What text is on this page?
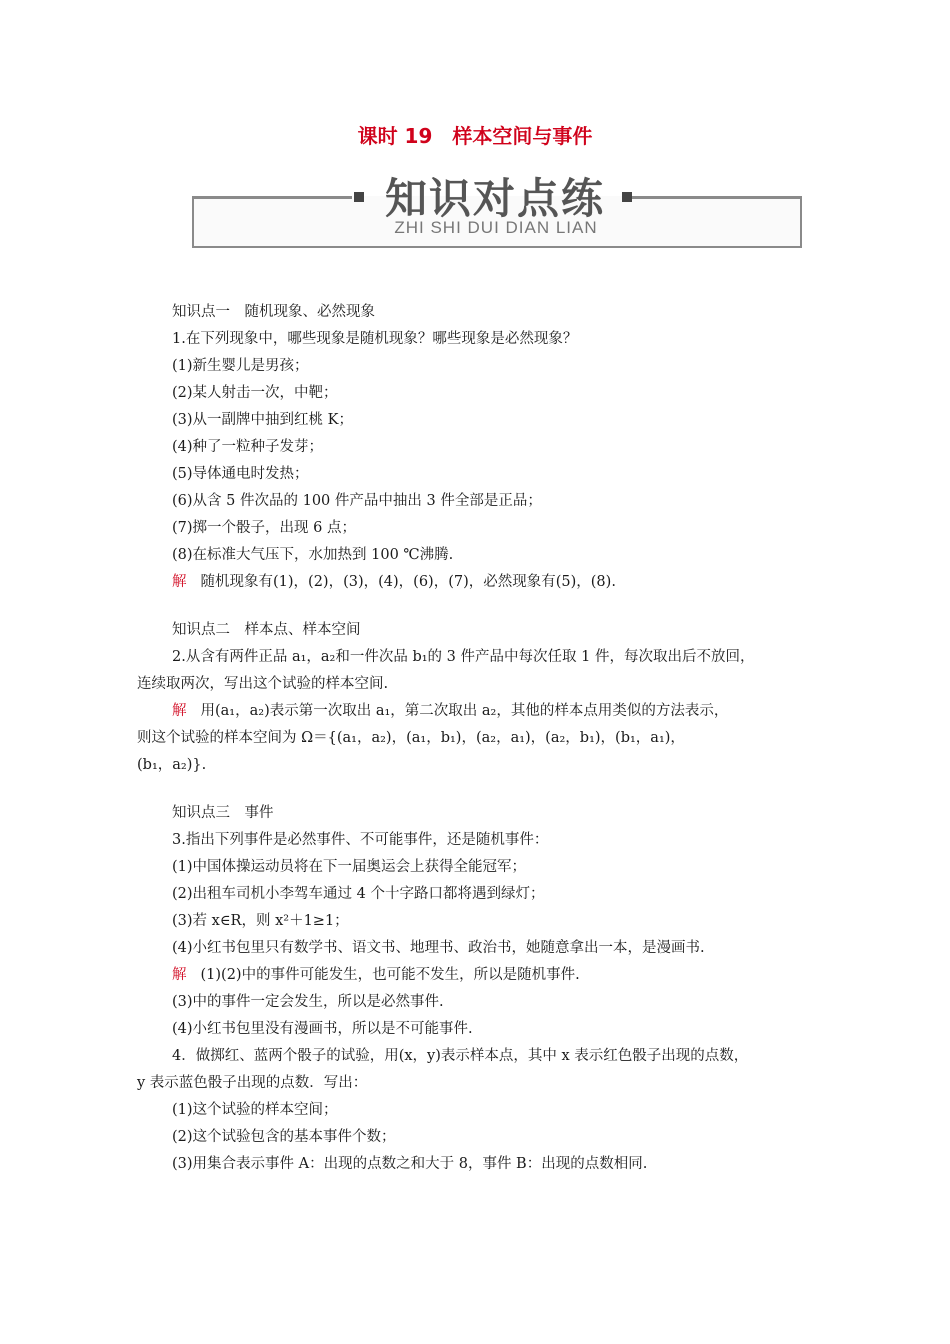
课时 19　样本空间与事件
知识对点练
ZHI SHI DUI DIAN LIAN
知识点一　随机现象、必然现象
1.在下列现象中，哪些现象是随机现象？哪些现象是必然现象？
(1)新生婴儿是男孩；
(2)某人射击一次，中靶；
(3)从一副牌中抽到红桃 K；
(4)种了一粒种子发芽；
(5)导体通电时发热；
(6)从含 5 件次品的 100 件产品中抽出 3 件全部是正品；
(7)掷一个骰子，出现 6 点；
(8)在标准大气压下，水加热到 100 ℃沸腾.
解 随机现象有(1)，(2)，(3)，(4)，(6)，(7)，必然现象有(5)，(8).
知识点二　样本点、样本空间
2.从含有两件正品 a₁，a₂和一件次品 b₁的 3 件产品中每次任取 1 件，每次取出后不放回，
连续取两次，写出这个试验的样本空间.
解 用(a₁，a₂)表示第一次取出 a₁，第二次取出 a₂，其他的样本点用类似的方法表示，
则这个试验的样本空间为 Ω＝{(a₁，a₂)，(a₁，b₁)，(a₂，a₁)，(a₂，b₁)，(b₁，a₁)，
(b₁，a₂)}.
知识点三　事件
3.指出下列事件是必然事件、不可能事件，还是随机事件：
(1)中国体操运动员将在下一届奥运会上获得全能冠军；
(2)出租车司机小李驾车通过 4 个十字路口都将遇到绿灯；
(3)若 x∈R，则 x²＋1≥1；
(4)小红书包里只有数学书、语文书、地理书、政治书，她随意拿出一本，是漫画书.
解 (1)(2)中的事件可能发生，也可能不发生，所以是随机事件.
(3)中的事件一定会发生，所以是必然事件.
(4)小红书包里没有漫画书，所以是不可能事件.
4．做掷红、蓝两个骰子的试验，用(x，y)表示样本点，其中 x 表示红色骰子出现的点数，
y 表示蓝色骰子出现的点数．写出：
(1)这个试验的样本空间；
(2)这个试验包含的基本事件个数；
(3)用集合表示事件 A：出现的点数之和大于 8，事件 B：出现的点数相同.
